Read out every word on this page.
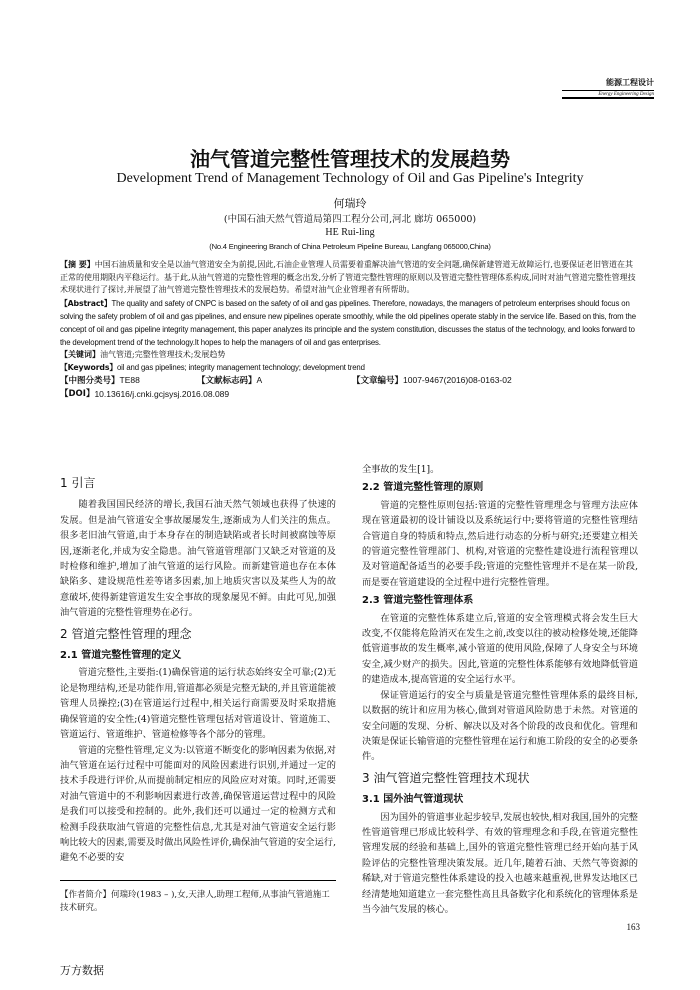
能源工程设计
Energy Engineering Design
油气管道完整性管理技术的发展趋势
Development Trend of Management Technology of Oil and Gas Pipeline's Integrity
何瑞玲
(中国石油天然气管道局第四工程分公司,河北 廊坊 065000)
HE Rui-ling
(No.4 Engineering Branch of China Petroleum Pipeline Bureau, Langfang 065000,China)

【摘 要】中国石油质量和安全是以油气管道安全为前提,因此,石油企业管理人员需要着重解决油气管道的安全问题,确保新建管道无故障运行,也要保证老旧管道在其正常的使用期限内平稳运行。基于此,从油气管道的完整性管理的概念出发,分析了管道完整性管理的原则以及管道完整性管理体系构成,同时对油气管道完整性管理技术现状进行了探讨,并展望了油气管道完整性管理技术的发展趋势。希望对油气企业管理者有所帮助。

【Abstract】The quality and safety of CNPC is based on the safety of oil and gas pipelines. Therefore, nowadays, the managers of petroleum enterprises should focus on solving the safety problem of oil and gas pipelines, and ensure new pipelines operate smoothly, while the old pipelines operate stably in the service life. Based on this, from the concept of oil and gas pipeline integrity management, this paper analyzes its principle and the system constitution, discusses the status of the technology, and looks forward to the development trend of the technology.It hopes to help the managers of oil and gas enterprises.

【关键词】油气管道;完整性管理技术;发展趋势

【Keywords】oil and gas pipelines; integrity management technology; development trend

【中图分类号】TE88	【文献标志码】A	【文章编号】1007-9467(2016)08-0163-02
【DOI】 10.13616/j.cnki.gcjsysj.2016.08.089
1 引言

随着我国国民经济的增长,我国石油天然气领域也获得了快速的发展。但是油气管道安全事故屡屡发生,逐渐成为人们关注的焦点。很多老旧油气管道,由于本身存在的制造缺陷或者长时间被腐蚀等原因,逐渐老化,并成为安全隐患。油气管道管理部门又缺乏对管道的及时检修和维护,增加了油气管道的运行风险。而新建管道也存在本体缺陷多、建设规范性差等诸多因素,加上地质灾害以及某些人为的故意破坏,使得新建管道发生安全事故的现象屡见不鲜。由此可见,加强油气管道的完整性管理势在必行。

2 管道完整性管理的理念
2.1 管道完整性管理的定义

管道完整性,主要指:(1)确保管道的运行状态始终安全可靠;(2)无论是物理结构,还是功能作用,管道都必须是完整无缺的,并且管道能被管理人员操控;(3)在管道运行过程中,相关运行商需要及时采取措施确保管道的安全性;(4)管道完整性管理包括对管道设计、管道施工、管道运行、管道维护、管道检修等各个部分的管理。

管道的完整性管理,定义为:以管道不断变化的影响因素为依据,对油气管道在运行过程中可能面对的风险因素进行识别,并通过一定的技术手段进行评价,从而提前制定相应的风险应对对策。同时,还需要对油气管道中的不利影响因素进行改善,确保管道运营过程中的风险是我们可以接受和控制的。此外,我们还可以通过一定的检测方式和检测手段获取油气管道的完整性信息,尤其是对油气管道安全运行影响比较大的因素,需要及时做出风险性评价,确保油气管道的安全运行,避免不必要的安

全事故的发生[1]。

2.2 管道完整性管理的原则

管道的完整性原则包括:管道的完整性管理理念与管理方法应体现在管道最初的设计铺设以及系统运行中;要将管道的完整性管理结合管道自身的特质和特点,然后进行动态的分析与研究;还要建立相关的管道完整性管理部门、机构,对管道的完整性建设进行流程管理以及对管道配备适当的必要手段;管道的完整性管理并不是在某一阶段,而是要在管道建设的全过程中进行完整性管理。

2.3 管道完整性管理体系

在管道的完整性体系建立后,管道的安全管理模式将会发生巨大改变,不仅能将危险消灭在发生之前,改变以往的被动检修处境,还能降低管道事故的发生概率,减小管道的使用风险,保障了人身安全与环境安全,减少财产的损失。因此,管道的完整性体系能够有效地降低管道的建造成本,提高管道的安全运行水平。

保证管道运行的安全与质量是管道完整性管理体系的最终目标,以数据的统计和应用为核心,做到对管道风险防患于未然。对管道的安全问题的发现、分析、解决以及对各个阶段的改良和优化。管理和决策是保证长输管道的完整性管理在运行和施工阶段的安全的必要条件。

3 油气管道完整性管理技术现状
3.1 国外油气管道现状

因为国外的管道事业起步较早,发展也较快,相对我国,国外的完整性管道管理已形成比较科学、有效的管理理念和手段,在管道完整性管理发展的经验和基础上,国外的管道完整性管理已经开始向基于风险评估的完整性管理决策发展。近几年,随着石油、天然气等资源的稀缺,对于管道完整性体系建设的投入也越来越重视,世界发达地区已经清楚地知道建立一套完整性高且具备数字化和系统化的管理体系是当今油气发展的核心。

【作者简介】何瑞玲(1983 – ),女,天津人,助理工程师,从事油气管道施工技术研究。
163
万方数据
